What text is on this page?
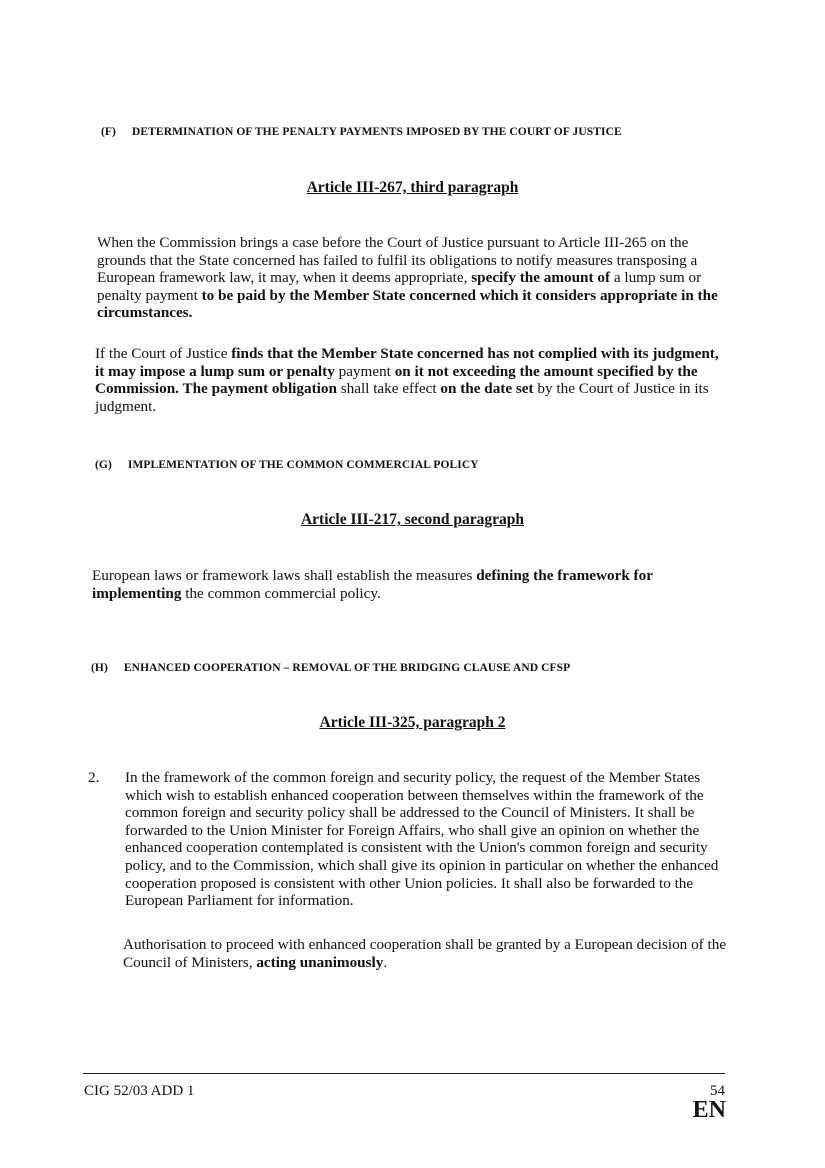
(F) DETERMINATION OF THE PENALTY PAYMENTS IMPOSED BY THE COURT OF JUSTICE
Article III-267, third paragraph
When the Commission brings a case before the Court of Justice pursuant to Article III-265 on the grounds that the State concerned has failed to fulfil its obligations to notify measures transposing a European framework law, it may, when it deems appropriate, specify the amount of a lump sum or penalty payment to be paid by the Member State concerned which it considers appropriate in the circumstances.
If the Court of Justice finds that the Member State concerned has not complied with its judgment, it may impose a lump sum or penalty payment on it not exceeding the amount specified by the Commission. The payment obligation shall take effect on the date set by the Court of Justice in its judgment.
(G) IMPLEMENTATION OF THE COMMON COMMERCIAL POLICY
Article III-217, second paragraph
European laws or framework laws shall establish the measures defining the framework for implementing the common commercial policy.
(H) ENHANCED COOPERATION – REMOVAL OF THE BRIDGING CLAUSE AND CFSP
Article III-325, paragraph 2
2. In the framework of the common foreign and security policy, the request of the Member States which wish to establish enhanced cooperation between themselves within the framework of the common foreign and security policy shall be addressed to the Council of Ministers. It shall be forwarded to the Union Minister for Foreign Affairs, who shall give an opinion on whether the enhanced cooperation contemplated is consistent with the Union's common foreign and security policy, and to the Commission, which shall give its opinion in particular on whether the enhanced cooperation proposed is consistent with other Union policies. It shall also be forwarded to the European Parliament for information.
Authorisation to proceed with enhanced cooperation shall be granted by a European decision of the Council of Ministers, acting unanimously.
CIG 52/03 ADD 1	54
EN
